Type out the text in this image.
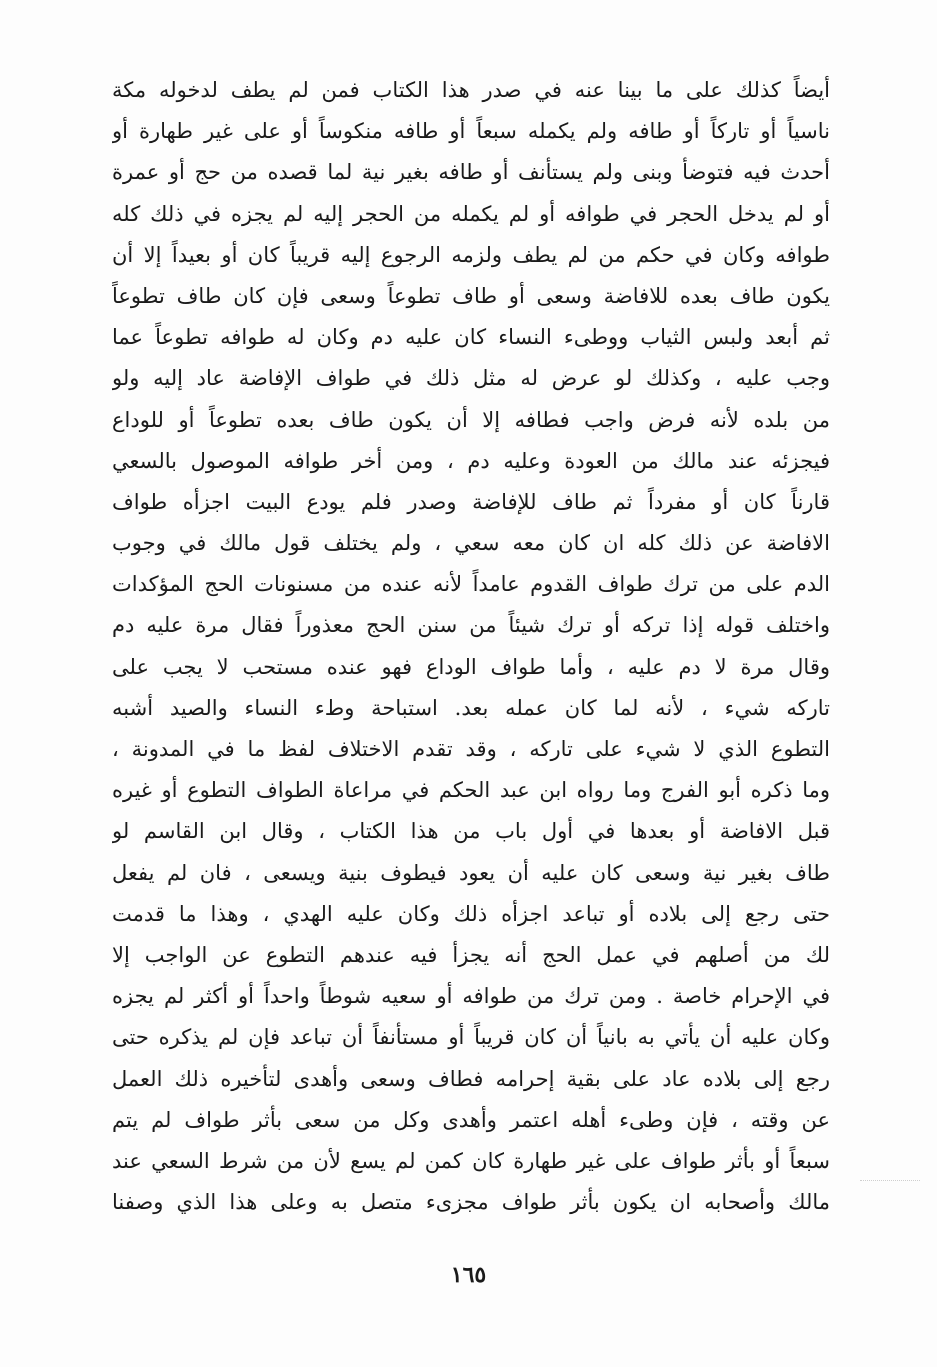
أيضاً كذلك على ما بينا عنه في صدر هذا الكتاب فمن لم يطف لدخوله مكة
ناسياً أو تاركاً أو طافه ولم يكمله سبعاً أو طافه منكوساً أو على غير طهارة أو
أحدث فيه فتوضأ وبنى ولم يستأنف أو طافه بغير نية لما قصده من حج أو عمرة
أو لم يدخل الحجر في طوافه أو لم يكمله من الحجر إليه لم يجزه في ذلك كله
طوافه وكان في حكم من لم يطف ولزمه الرجوع إليه قريباً كان أو بعيداً إلا أن
يكون طاف بعده للافاضة وسعى أو طاف تطوعاً وسعى فإن كان طاف تطوعاً
ثم أبعد ولبس الثياب ووطىء النساء كان عليه دم وكان له طوافه تطوعاً عما
وجب عليه ، وكذلك لو عرض له مثل ذلك في طواف الإفاضة عاد إليه ولو
من بلده لأنه فرض واجب فطافه إلا أن يكون طاف بعده تطوعاً أو للوداع
فيجزئه عند مالك من العودة وعليه دم ، ومن أخر طوافه الموصول بالسعي
قارناً كان أو مفرداً ثم طاف للإفاضة وصدر فلم يودع البيت اجزأه طواف
الافاضة عن ذلك كله ان كان معه سعي ، ولم يختلف قول مالك في وجوب
الدم على من ترك طواف القدوم عامداً لأنه عنده من مسنونات الحج المؤكدات
واختلف قوله إذا تركه أو ترك شيئاً من سنن الحج معذوراً فقال مرة عليه دم
وقال مرة لا دم عليه ، وأما طواف الوداع فهو عنده مستحب لا يجب على
تاركه شيء ، لأنه لما كان عمله بعد. استباحة وطء النساء والصيد أشبه
التطوع الذي لا شيء على تاركه ، وقد تقدم الاختلاف لفظ ما في المدونة ،
وما ذكره أبو الفرج وما رواه ابن عبد الحكم في مراعاة الطواف التطوع أو غيره
قبل الافاضة أو بعدها في أول باب من هذا الكتاب ، وقال ابن القاسم لو
طاف بغير نية وسعى كان عليه أن يعود فيطوف بنية ويسعى ، فان لم يفعل
حتى رجع إلى بلاده أو تباعد اجزأه ذلك وكان عليه الهدي ، وهذا ما قدمت
لك من أصلهم في عمل الحج أنه يجزأ فيه عندهم التطوع عن الواجب إلا
في الإحرام خاصة . ومن ترك من طوافه أو سعيه شوطاً واحداً أو أكثر لم يجزه
وكان عليه أن يأتي به بانياً أن كان قريباً أو مستأنفاً أن تباعد فإن لم يذكره حتى
رجع إلى بلاده عاد على بقية إحرامه فطاف وسعى وأهدى لتأخيره ذلك العمل
عن وقته ، فإن وطىء أهله اعتمر وأهدى وكل من سعى بأثر طواف لم يتم
سبعاً أو بأثر طواف على غير طهارة كان كمن لم يسع لأن من شرط السعي عند
مالك وأصحابه ان يكون بأثر طواف مجزىء متصل به وعلى هذا الذي وصفنا
١٦٥
